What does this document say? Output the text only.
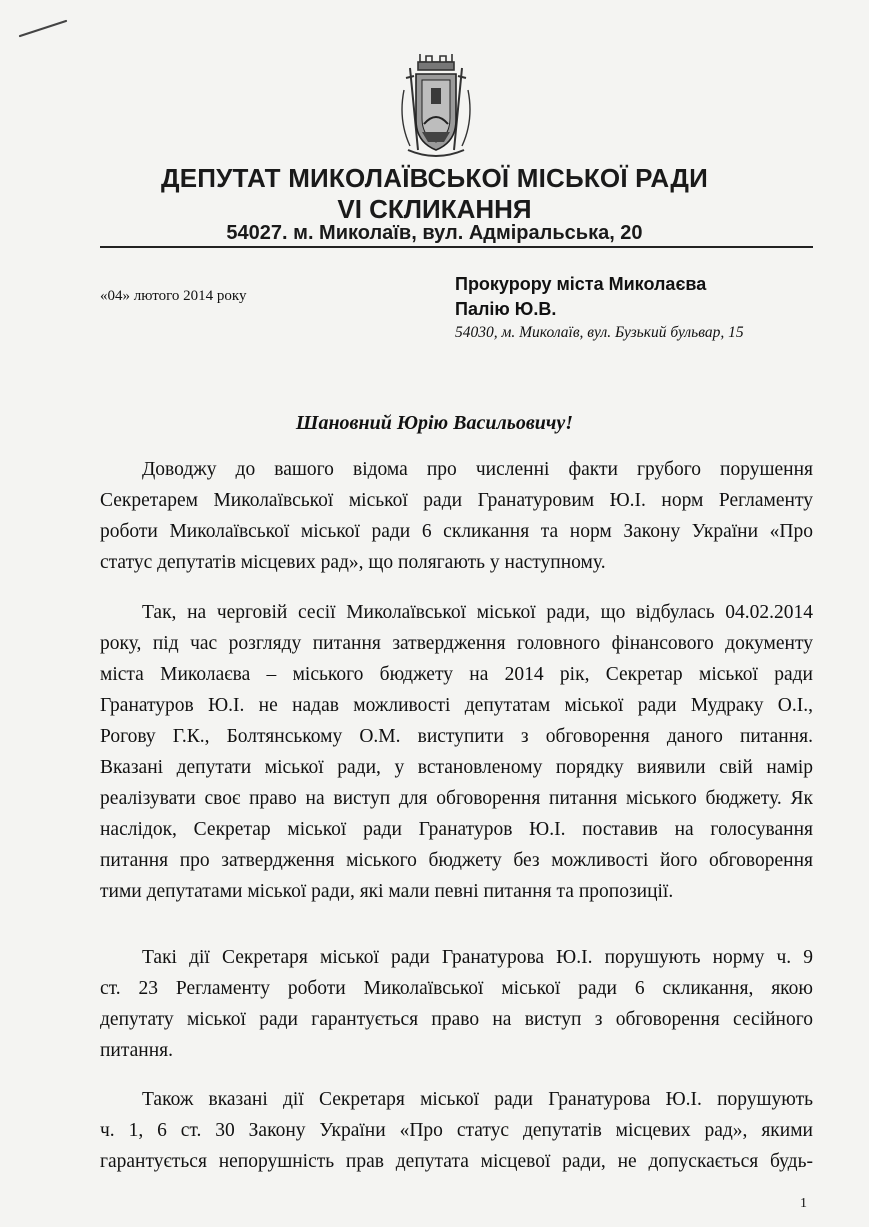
ДЕПУТАТ МИКОЛАЇВСЬКОЇ МІСЬКОЇ РАДИ
VI СКЛИКАННЯ
54027. м. Миколаїв, вул. Адміральська, 20
«04» лютого 2014 року
Прокурору міста Миколаєва
Палію Ю.В.
54030, м. Миколаїв, вул. Бузький бульвар, 15
Шановний Юрію Васильовичу!
Доводжу до вашого відома про численні факти грубого порушення
Секретарем Миколаївської міської ради Гранатуровим Ю.І. норм Регламенту
роботи Миколаївської міської ради 6 скликання та норм Закону України «Про
статус депутатів місцевих рад», що полягають у наступному.
Так, на черговій сесії Миколаївської міської ради, що відбулась 04.02.2014
року, під час розгляду питання затвердження головного фінансового документу
міста Миколаєва – міського бюджету на 2014 рік, Секретар міської ради
Гранатуров Ю.І. не надав можливості депутатам міської ради Мудраку О.І.,
Рогову Г.К., Болтянському О.М. виступити з обговорення даного питання.
Вказані депутати міської ради, у встановленому порядку виявили свій намір
реалізувати своє право на виступ для обговорення питання міського бюджету. Як
наслідок, Секретар міської ради Гранатуров Ю.І. поставив на голосування
питання про затвердження міського бюджету без можливості його обговорення
тими депутатами міської ради, які мали певні питання та пропозиції.
Такі дії Секретаря міської ради Гранатурова Ю.І. порушують норму ч. 9
ст. 23 Регламенту роботи Миколаївської міської ради 6 скликання, якою
депутату міської ради гарантується право на виступ з обговорення сесійного
питання.
Також вказані дії Секретаря міської ради Гранатурова Ю.І. порушують
ч. 1, 6 ст. 30 Закону України «Про статус депутатів місцевих рад», якими
гарантується непорушність прав депутата місцевої ради, не допускається будь-
1
